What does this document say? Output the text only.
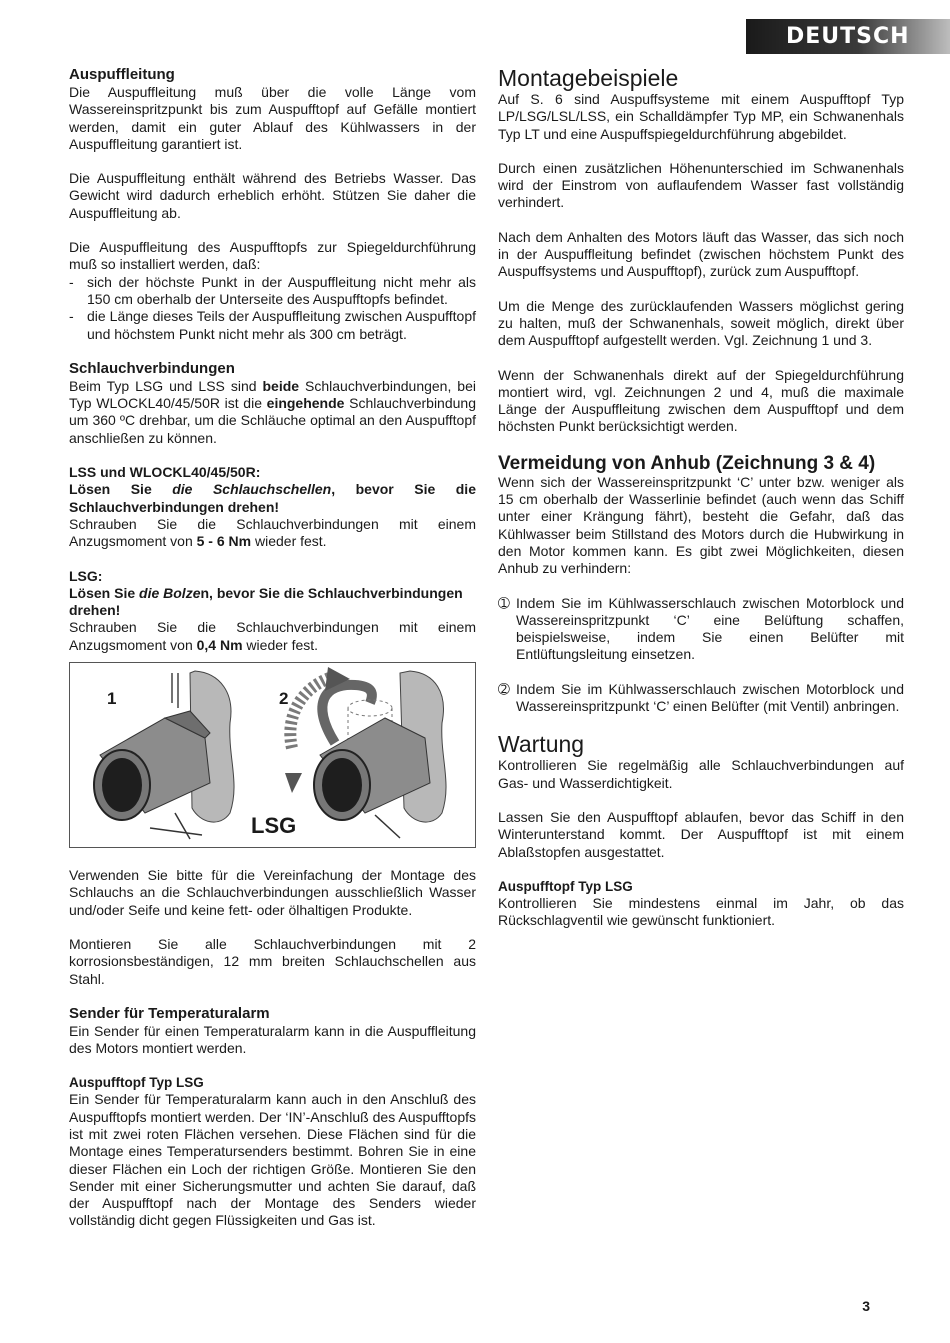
DEUTSCH
Auspuffleitung

Die Auspuffleitung muß über die volle Länge vom Wassereinspritzpunkt bis zum Auspufftopf auf Gefälle montiert werden, damit ein guter Ablauf des Kühlwassers in der Auspuffleitung garantiert ist.

Die Auspuffleitung enthält während des Betriebs Wasser. Das Gewicht wird dadurch erheblich erhöht. Stützen Sie daher die Auspuffleitung ab.

Die Auspuffleitung des Auspufftopfs zur Spiegeldurchführung muß so installiert werden, daß:

- sich der höchste Punkt in der Auspuffleitung nicht mehr als 150 cm oberhalb der Unterseite des Auspufftopfs befindet.
- die Länge dieses Teils der Auspuffleitung zwischen Auspufftopf und höchstem Punkt nicht mehr als 300 cm beträgt.
Schlauchverbindungen

Beim Typ LSG und LSS sind beide Schlauchverbindungen, bei Typ WLOCKL40/45/50R ist die eingehende Schlauchverbindung um 360 ºC drehbar, um die Schläuche optimal an den Auspufftopf anschließen zu können.

LSS und WLOCKL40/45/50R:
Lösen Sie die Schlauchschellen, bevor Sie die Schlauchverbindungen drehen!

Schrauben Sie die Schlauchverbindungen mit einem Anzugsmoment von 5 - 6 Nm wieder fest.

LSG:
Lösen Sie die Bolzen, bevor Sie die Schlauchverbindungen drehen!

Schrauben Sie die Schlauchverbindungen mit einem Anzugsmoment von 0,4 Nm wieder fest.

1	2
LSG

Verwenden Sie bitte für die Vereinfachung der Montage des Schlauchs an die Schlauchverbindungen ausschließlich Wasser und/oder Seife und keine fett- oder ölhaltigen Produkte.

Montieren Sie alle Schlauchverbindungen mit 2 korrosionsbeständigen, 12 mm breiten Schlauchschellen aus Stahl.

Sender für Temperaturalarm

Ein Sender für einen Temperaturalarm kann in die Auspuffleitung des Motors montiert werden.

Auspufftopf Typ LSG

Ein Sender für Temperaturalarm kann auch in den Anschluß des Auspufftopfs montiert werden. Der ‘IN’-Anschluß des Auspufftopfs ist mit zwei roten Flächen versehen. Diese Flächen sind für die Montage eines Temperatursenders bestimmt. Bohren Sie in eine dieser Flächen ein Loch der richtigen Größe. Montieren Sie den Sender mit einer Sicherungsmutter und achten Sie darauf, daß der Auspufftopf nach der Montage des Senders wieder vollständig dicht gegen Flüssigkeiten und Gas ist.

Montagebeispiele

Auf S. 6 sind Auspuffsysteme mit einem Auspufftopf Typ LP/LSG/LSL/LSS, ein Schalldämpfer Typ MP, ein Schwanenhals Typ LT und eine Auspuffspiegeldurchführung abgebildet.

Durch einen zusätzlichen Höhenunterschied im Schwanenhals wird der Einstrom von auflaufendem Wasser fast vollständig verhindert.

Nach dem Anhalten des Motors läuft das Wasser, das sich noch in der Auspuffleitung befindet (zwischen höchstem Punkt des Auspuffsystems und Auspufftopf), zurück zum Auspufftopf.

Um die Menge des zurücklaufenden Wassers möglichst gering zu halten, muß der Schwanenhals, soweit möglich, direkt über dem Auspufftopf aufgestellt werden. Vgl. Zeichnung 1 und 3.

Wenn der Schwanenhals direkt auf der Spiegeldurchführung montiert wird, vgl. Zeichnungen 2 und 4, muß die maximale Länge der Auspuffleitung zwischen dem Auspufftopf und dem höchsten Punkt berücksichtigt werden.

Vermeidung von Anhub (Zeichnung 3 & 4)

Wenn sich der Wassereinspritzpunkt ‘C’ unter bzw. weniger als 15 cm oberhalb der Wasserlinie befindet (auch wenn das Schiff unter einer Krängung fährt), besteht die Gefahr, daß das Kühlwasser beim Stillstand des Motors durch die Hubwirkung in den Motor kommen kann. Es gibt zwei Möglichkeiten, diesen Anhub zu verhindern:

➀ Indem Sie im Kühlwasserschlauch zwischen Motorblock und Wassereinspritzpunkt ‘C’ eine Belüftung schaffen, beispielsweise, indem Sie einen Belüfter mit Entlüftungsleitung einsetzen.
➁ Indem Sie im Kühlwasserschlauch zwischen Motorblock und Wassereinspritzpunkt ‘C’ einen Belüfter (mit Ventil) anbringen.
Wartung

Kontrollieren Sie regelmäßig alle Schlauchverbindungen auf Gas- und Wasserdichtigkeit.

Lassen Sie den Auspufftopf ablaufen, bevor das Schiff in den Winterunterstand kommt. Der Auspufftopf ist mit einem Ablaßstopfen ausgestattet.

Auspufftopf Typ LSG

Kontrollieren Sie mindestens einmal im Jahr, ob das Rückschlagventil wie gewünscht funktioniert.

3
